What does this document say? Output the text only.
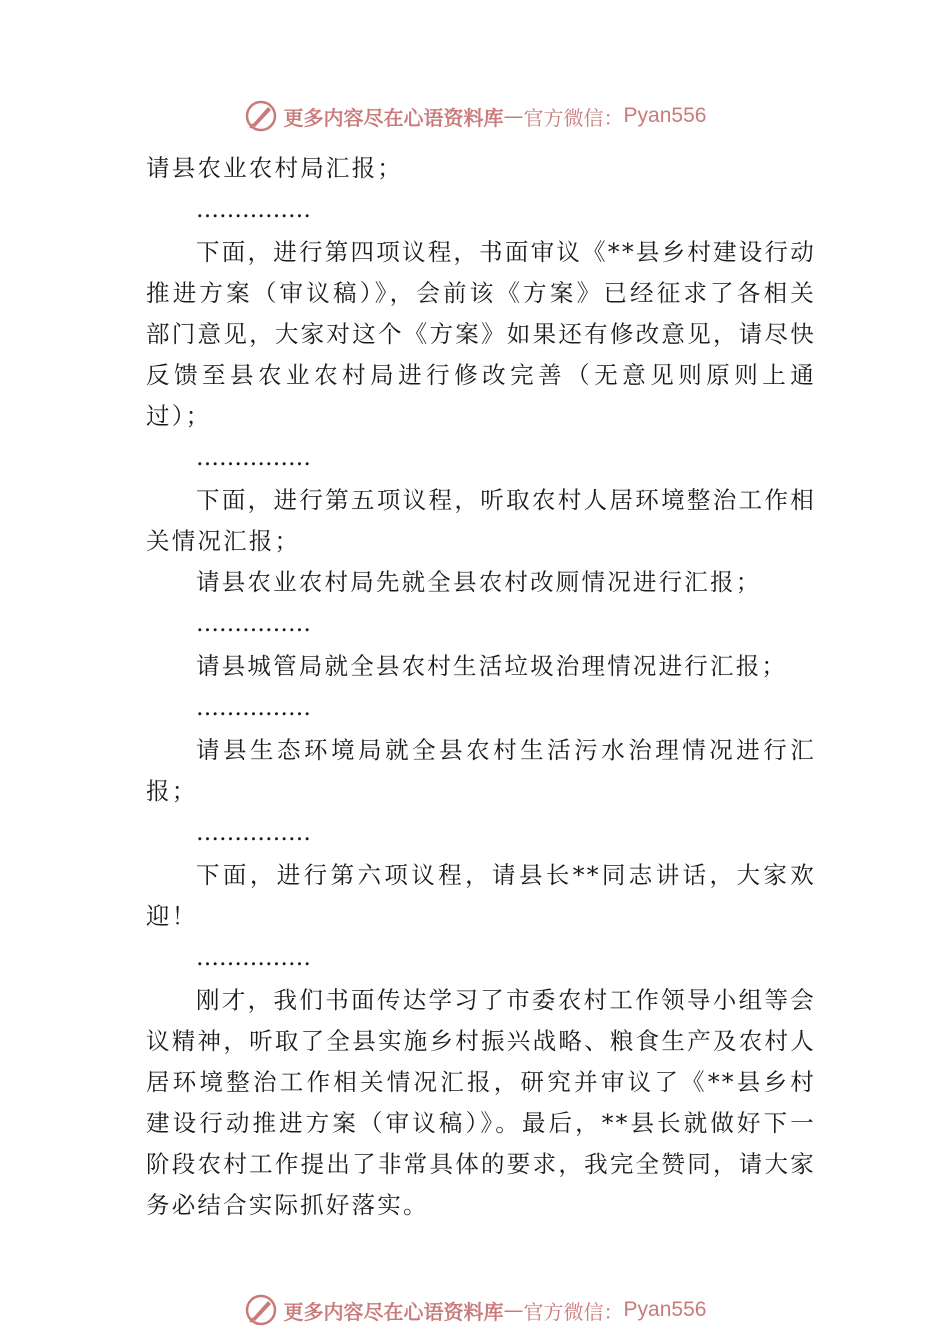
更多内容尽在心语资料库 — 官方微信： Pyan556

请县农业农村局汇报；

……………

下面，进行第四项议程，书面审议《**县乡村建设行动推进方案（审议稿）》，会前该《方案》已经征求了各相关部门意见，大家对这个《方案》如果还有修改意见，请尽快反馈至县农业农村局进行修改完善（无意见则原则上通过）；

……………

下面，进行第五项议程，听取农村人居环境整治工作相关情况汇报；

请县农业农村局先就全县农村改厕情况进行汇报；

……………

请县城管局就全县农村生活垃圾治理情况进行汇报；

……………

请县生态环境局就全县农村生活污水治理情况进行汇报；

……………

下面，进行第六项议程，请县长**同志讲话，大家欢迎！

……………

刚才，我们书面传达学习了市委农村工作领导小组等会议精神，听取了全县实施乡村振兴战略、粮食生产及农村人居环境整治工作相关情况汇报，研究并审议了《**县乡村建设行动推进方案（审议稿）》。最后，**县长就做好下一阶段农村工作提出了非常具体的要求，我完全赞同，请大家务必结合实际抓好落实。

更多内容尽在心语资料库 — 官方微信： Pyan556
